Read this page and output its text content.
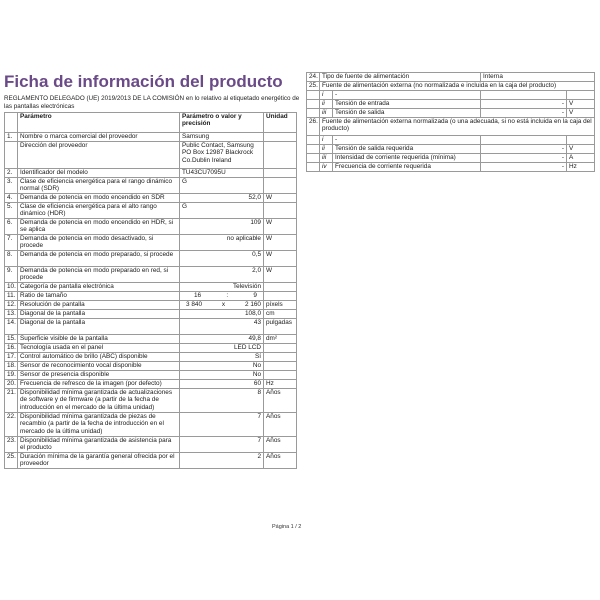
Ficha de información del producto
REGLAMENTO DELEGADO (UE) 2019/2013 DE LA COMISIÓN en lo relativo al etiquetado energético de las pantallas electrónicas
	Parámetro	Parámetro o valor y precisión	Unidad
1.	Nombre o marca comercial del proveedor	Samsung	
	Dirección del proveedor	Public Contact, Samsung PO Box 12987 Blackrock Co.Dublin Ireland	
2.	Identificador del modelo	TU43CU7095U	
3.	Clase de eficiencia energética para el rango dinámico normal (SDR)	G	
4.	Demanda de potencia en modo encendido en SDR	52,0	W
5.	Clase de eficiencia energética para el alto rango dinámico (HDR)	G	
6.	Demanda de potencia en modo encendido en HDR, si se aplica	109	W
7.	Demanda de potencia en modo desactivado, si procede	no aplicable	W
8.	Demanda de potencia en modo preparado, si procede	0,5	W
9.	Demanda de potencia en modo preparado en red, si procede	2,0	W
10.	Categoría de pantalla electrónica	Televisión	
11.	Ratio de tamaño	16 : 9	

12.	Resolución de pantalla	3 840 x 2 160	píxels
13.	Diagonal de la pantalla	108,0	cm
14.	Diagonal de la pantalla	43	pulgadas
15.	Superficie visible de la pantalla	49,8	dm²
16.	Tecnología usada en el panel	LED LCD	
17.	Control automático de brillo (ABC) disponible	Sí	
18.	Sensor de reconocimiento vocal disponible	No	
19.	Sensor de presencia disponible	No	
20.	Frecuencia de refresco de la imagen (por defecto)	60	Hz
21.	Disponibilidad mínima garantizada de actualizaciones de software y de firmware (a partir de la fecha de introducción en el mercado de la última unidad)	8	Años
22.	Disponibilidad mínima garantizada de piezas de recambio (a partir de la fecha de introducción en el mercado de la última unidad)	7	Años
23.	Disponibilidad mínima garantizada de asistencia para el producto	7	Años
25.	Duración mínima de la garantía general ofrecida por el proveedor	2	Años
24.	Tipo de fuente de alimentación		Interna	
25.	Fuente de alimentación externa (no normalizada e incluida en la caja del producto)			
	i	-		
	ii	Tensión de entrada	-	V
	iii	Tensión de salida	-	V
26.	Fuente de alimentación externa normalizada (o una adecuada, si no está incluida en la caja del producto)			
	i	-		
	ii	Tensión de salida requerida	-	V
	iii	Intensidad de corriente requerida (mínima)	-	A
	iv	Frecuencia de corriente requerida	-	Hz
Página 1 / 2
